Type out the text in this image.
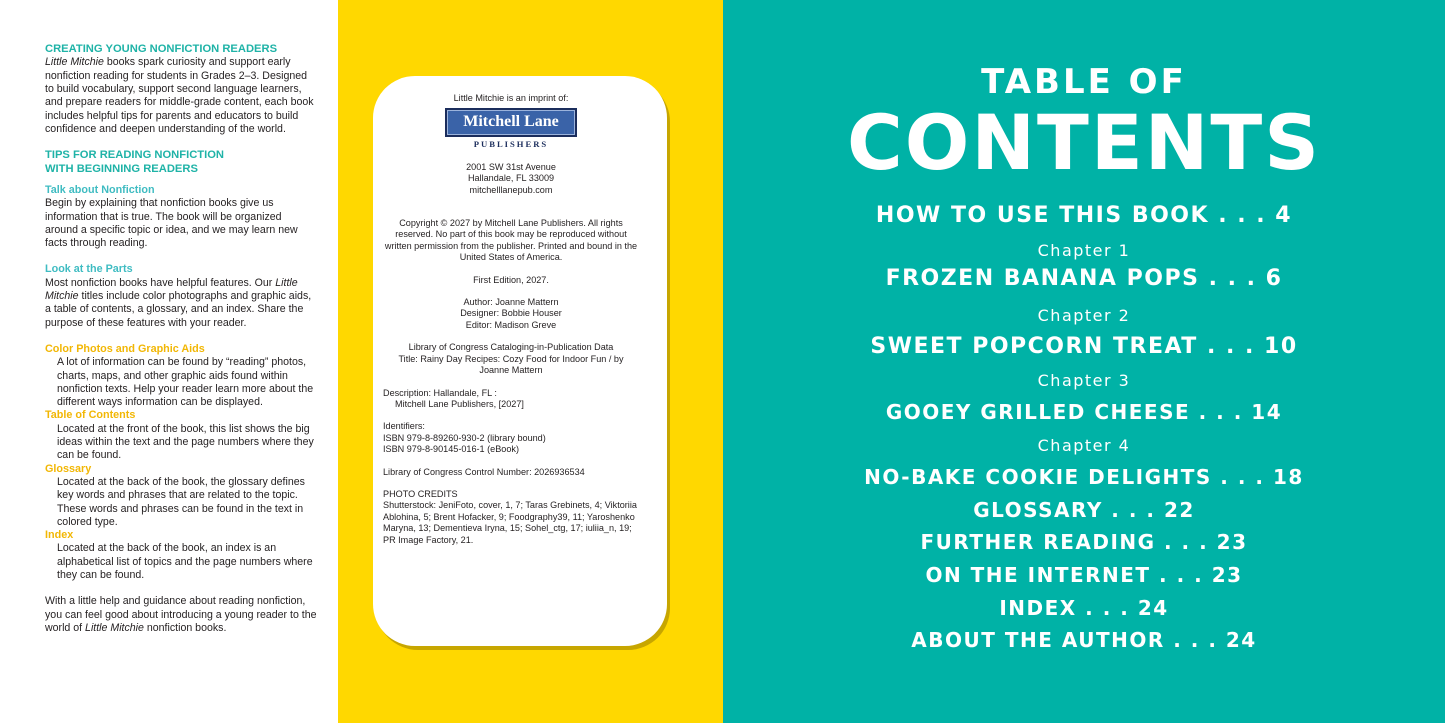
CREATING YOUNG NONFICTION READERS

Little Mitchie books spark curiosity and support early nonfiction reading for students in Grades 2–3. Designed to build vocabulary, support second language learners, and prepare readers for middle-grade content, each book includes helpful tips for parents and educators to build confidence and deepen understanding of the world.

TIPS FOR READING NONFICTION WITH BEGINNING READERS

Talk about Nonfiction

Begin by explaining that nonfiction books give us information that is true. The book will be organized around a specific topic or idea, and we may learn new facts through reading.

Look at the Parts

Most nonfiction books have helpful features. Our Little Mitchie titles include color photographs and graphic aids, a table of contents, a glossary, and an index. Share the purpose of these features with your reader.

Color Photos and Graphic Aids

A lot of information can be found by “reading” photos, charts, maps, and other graphic aids found within nonfiction texts. Help your reader learn more about the different ways information can be displayed.

Table of Contents

Located at the front of the book, this list shows the big ideas within the text and the page numbers where they can be found.

Glossary

Located at the back of the book, the glossary defines key words and phrases that are related to the topic. These words and phrases can be found in the text in colored type.

Index

Located at the back of the book, an index is an alphabetical list of topics and the page numbers where they can be found.

With a little help and guidance about reading nonfiction, you can feel good about introducing a young reader to the world of Little Mitchie nonfiction books.

Little Mitchie is an imprint of:

Mitchell Lane
PUBLISHERS

2001 SW 31st Avenue

Hallandale, FL 33009

mitchelllanepub.com

Copyright © 2027 by Mitchell Lane Publishers. All rights reserved. No part of this book may be reproduced without written permission from the publisher. Printed and bound in the United States of America.

First Edition, 2027.

Author: Joanne Mattern

Designer: Bobbie Houser

Editor: Madison Greve

Library of Congress Cataloging-in-Publication Data

Title: Rainy Day Recipes: Cozy Food for Indoor Fun / by Joanne Mattern

Description: Hallandale, FL :

Mitchell Lane Publishers, [2027]

Identifiers:

ISBN 979-8-89260-930-2 (library bound)

ISBN 979-8-90145-016-1 (eBook)

Library of Congress Control Number: 2026936534

PHOTO CREDITS

Shutterstock: JeniFoto, cover, 1, 7; Taras Grebinets, 4; Viktoriia Ablohina, 5; Brent Hofacker, 9; Foodgraphy39, 11; Yaroshenko Maryna, 13; Dementieva Iryna, 15; Sohel_ctg, 17; iuliia_n, 19; PR Image Factory, 21.

TABLE OF
CONTENTS
HOW TO USE THIS BOOK . . . 4
Chapter 1
FROZEN BANANA POPS . . . 6
Chapter 2
SWEET POPCORN TREAT . . . 10
Chapter 3
GOOEY GRILLED CHEESE . . . 14
Chapter 4
NO-BAKE COOKIE DELIGHTS . . . 18
GLOSSARY . . . 22
FURTHER READING . . . 23
ON THE INTERNET . . . 23
INDEX . . . 24
ABOUT THE AUTHOR . . . 24
